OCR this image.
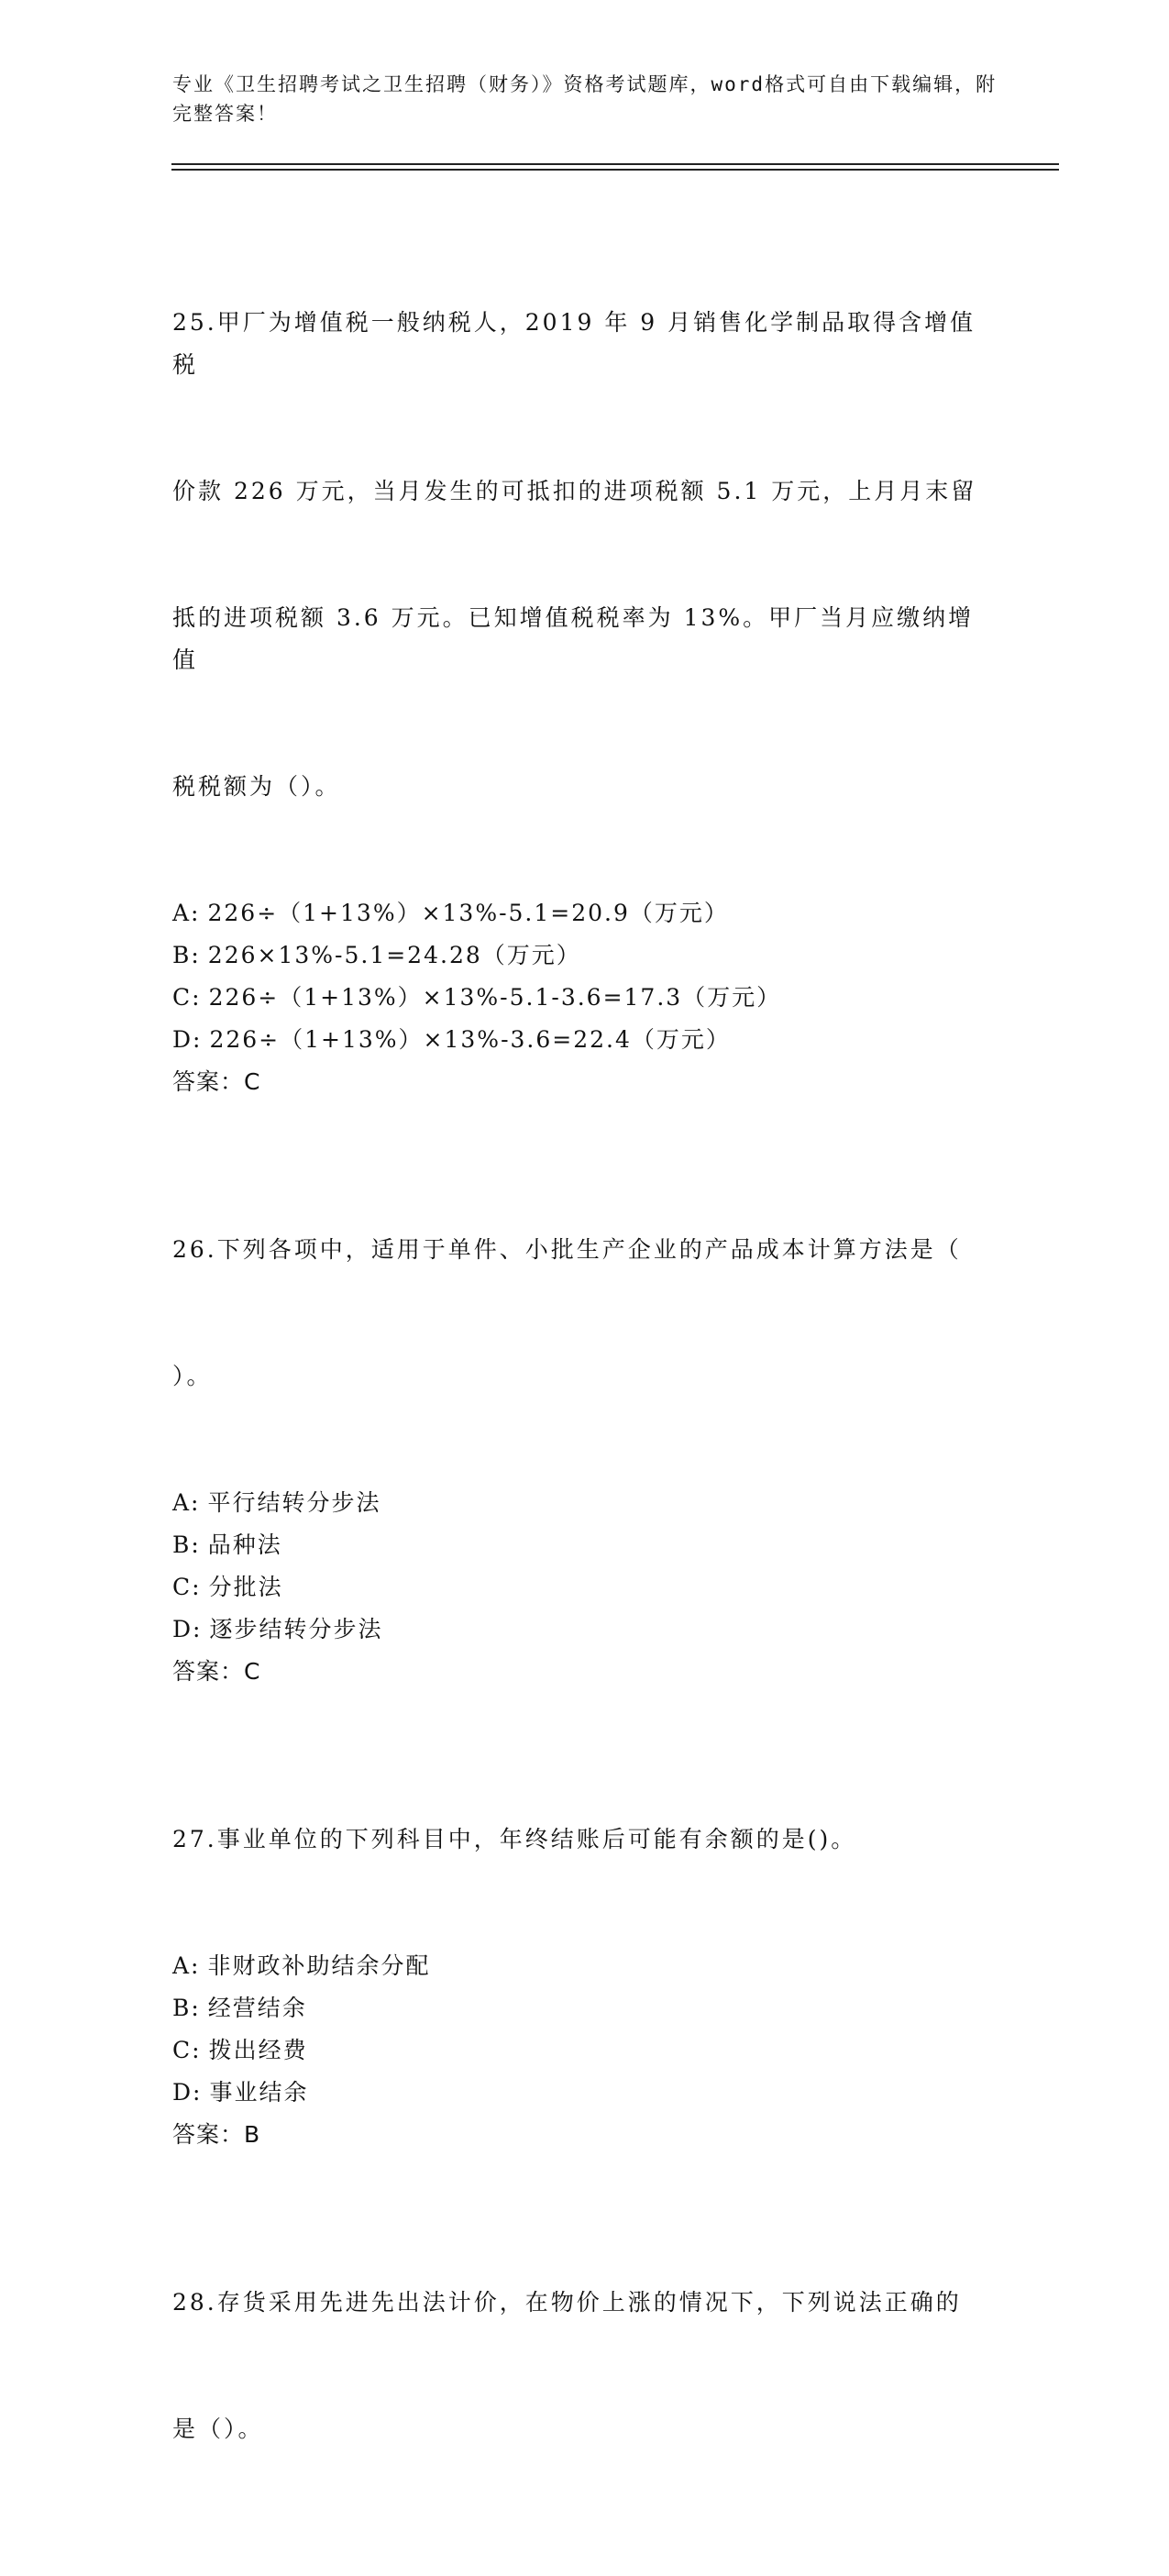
专业《卫生招聘考试之卫生招聘（财务）》资格考试题库，word格式可自由下载编辑，附完整答案！

25.甲厂为增值税一般纳税人，2019 年 9 月销售化学制品取得含增值税

价款 226 万元，当月发生的可抵扣的进项税额 5.1 万元，上月月末留

抵的进项税额 3.6 万元。已知增值税税率为 13%。甲厂当月应缴纳增值

税税额为（）。

A: 226÷（1+13%）×13%-5.1=20.9（万元）
B: 226×13%-5.1=24.28（万元）
C: 226÷（1+13%）×13%-5.1-3.6=17.3（万元）
D: 226÷（1+13%）×13%-3.6=22.4（万元）
答案：C

26.下列各项中，适用于单件、小批生产企业的产品成本计算方法是（

）。

A: 平行结转分步法
B: 品种法
C: 分批法
D: 逐步结转分步法
答案：C

27.事业单位的下列科目中，年终结账后可能有余额的是()。

A: 非财政补助结余分配
B: 经营结余
C: 拨出经费
D: 事业结余
答案：B

28.存货采用先进先出法计价，在物价上涨的情况下，下列说法正确的

是（）。
